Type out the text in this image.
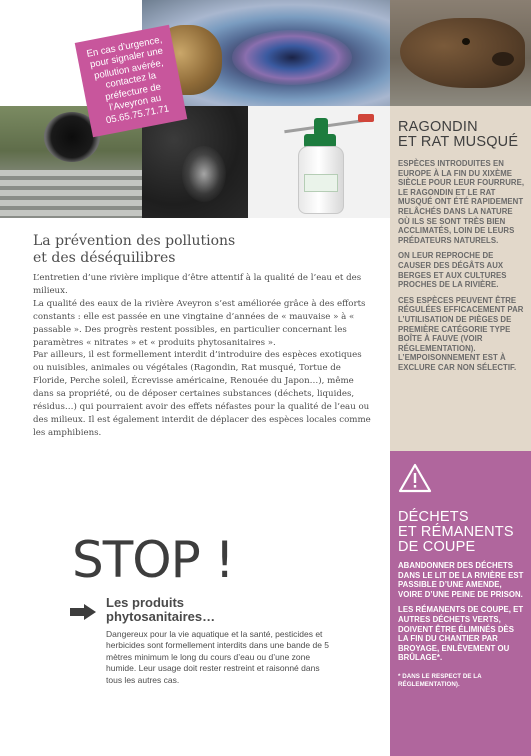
En cas d’urgence, pour signaler une pollution avérée, contactez la préfecture de l’Aveyron au 05.65.75.71.71
RAGONDIN
ET RAT MUSQUÉ

ESPÈCES INTRODUITES EN EUROPE À LA FIN DU XIXÈME SIÈCLE POUR LEUR FOURRURE, LE RAGONDIN ET LE RAT MUSQUÉ ONT ÉTÉ RAPIDEMENT RELÂCHÉS DANS LA NATURE OÙ ILS SE SONT TRÈS BIEN ACCLIMATÉS, LOIN DE LEURS PRÉDATEURS NATURELS.

ON LEUR REPROCHE DE CAUSER DES DÉGÂTS AUX BERGES ET AUX CULTURES PROCHES DE LA RIVIÈRE.

CES ESPÈCES PEUVENT ÊTRE RÉGULÉES EFFICACEMENT PAR L’UTILISATION DE PIÈGES DE PREMIÈRE CATÉGORIE TYPE BOÎTE À FAUVE (VOIR RÉGLEMENTATION). L’EMPOISONNEMENT EST À EXCLURE CAR NON SÉLECTIF.

DÉCHETS
ET RÉMANENTS
DE COUPE

ABANDONNER DES DÉCHETS DANS LE LIT DE LA RIVIÈRE EST PASSIBLE D’UNE AMENDE, VOIRE D’UNE PEINE DE PRISON.

LES RÉMANENTS DE COUPE, ET AUTRES DÉCHETS VERTS, DOIVENT ÊTRE ÉLIMINÉS DÈS LA FIN DU CHANTIER PAR BROYAGE, ENLÈVEMENT OU BRÛLAGE*.

* DANS LE RESPECT DE LA RÉGLEMENTATION).

La prévention des pollutions
et des déséquilibres

L’entretien d’une rivière implique d’être attentif à la qualité de l’eau et des milieux.

La qualité des eaux de la rivière Aveyron s’est améliorée grâce à des efforts constants : elle est passée en une vingtaine d’années de « mauvaise » à « passable ». Des progrès restent possibles, en particulier concernant les paramètres « nitrates » et « produits phytosanitaires ».

Par ailleurs, il est formellement interdit d’introduire des espèces exotiques ou nuisibles, animales ou végétales (Ragondin, Rat musqué, Tortue de Floride, Perche soleil, Écrevisse américaine, Renouée du Japon…), même dans sa propriété, ou de déposer certaines substances (déchets, liquides, résidus…) qui pourraient avoir des effets néfastes pour la qualité de l’eau ou des milieux. Il est également interdit de déplacer des espèces locales comme les amphibiens.

STOP !
Les produits
phytosanitaires…
Dangereux pour la vie aquatique et la santé, pesticides et herbicides sont formellement interdits dans une bande de 5 mètres minimum le long du cours d’eau ou d’une zone humide. Leur usage doit rester restreint et raisonné dans tous les autres cas.
